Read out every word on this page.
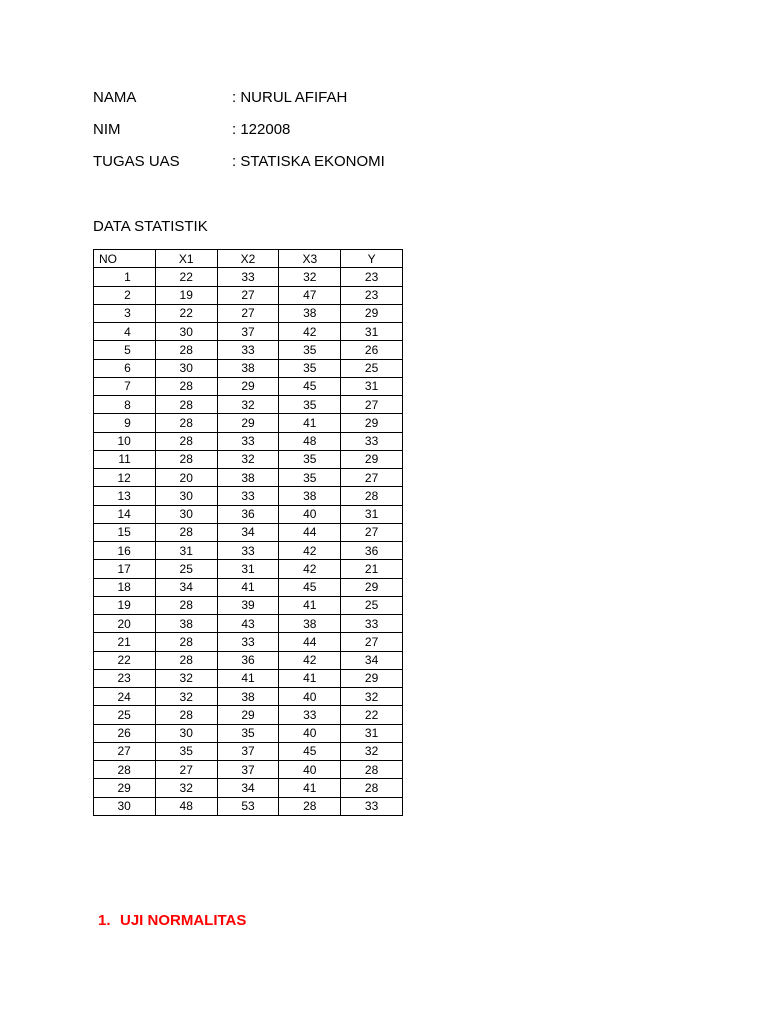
NAMA	: NURUL AFIFAH
NIM	: 122008
TUGAS UAS	: STATISKA EKONOMI
DATA STATISTIK
NO	X1	X2	X3	Y
1	22	33	32	23
2	19	27	47	23
3	22	27	38	29
4	30	37	42	31
5	28	33	35	26
6	30	38	35	25
7	28	29	45	31
8	28	32	35	27
9	28	29	41	29
10	28	33	48	33
11	28	32	35	29
12	20	38	35	27
13	30	33	38	28
14	30	36	40	31
15	28	34	44	27
16	31	33	42	36
17	25	31	42	21
18	34	41	45	29
19	28	39	41	25
20	38	43	38	33
21	28	33	44	27
22	28	36	42	34
23	32	41	41	29
24	32	38	40	32
25	28	29	33	22
26	30	35	40	31
27	35	37	45	32
28	27	37	40	28
29	32	34	41	28
30	48	53	28	33
1. UJI NORMALITAS
